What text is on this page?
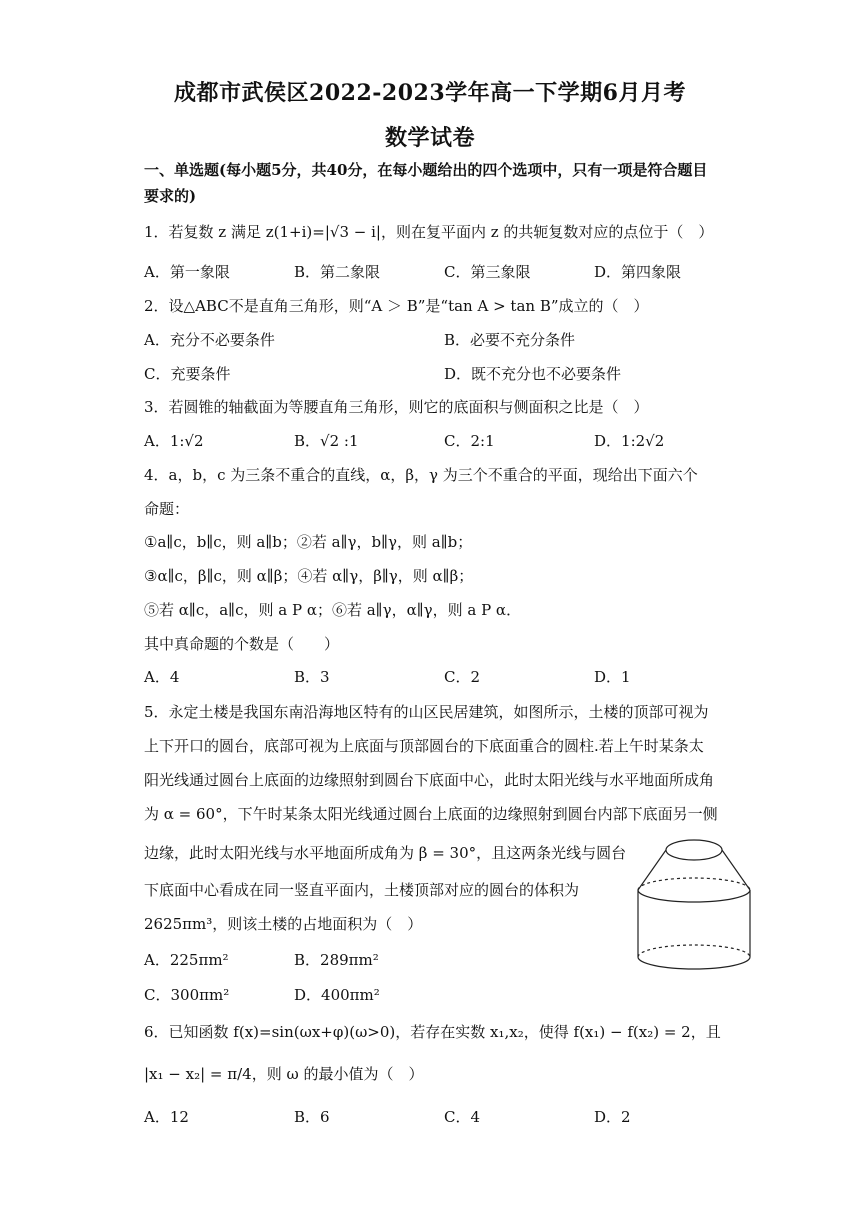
成都市武侯区2022-2023学年高一下学期6月月考
数学试卷
一、单选题(每小题5分，共40分，在每小题给出的四个选项中，只有一项是符合题目
要求的)
1．若复数 z 满足 z(1+i)=|√3 − i|，则在复平面内 z 的共轭复数对应的点位于（　）
A．第一象限	B．第二象限	C．第三象限	D．第四象限
2．设△ABC不是直角三角形，则“A ＞ B”是“tan A > tan B”成立的（　）
A．充分不必要条件	B．必要不充分条件
C．充要条件	D．既不充分也不必要条件
3．若圆锥的轴截面为等腰直角三角形，则它的底面积与侧面积之比是（　）
A．1:√2	B．√2 :1	C．2:1	D．1:2√2
4．a，b，c 为三条不重合的直线，α，β，γ 为三个不重合的平面，现给出下面六个
命题：
①a∥c，b∥c，则 a∥b；②若 a∥γ，b∥γ，则 a∥b；
③α∥c，β∥c，则 α∥β；④若 α∥γ，β∥γ，则 α∥β；
⑤若 α∥c，a∥c，则 a P α；⑥若 a∥γ，α∥γ，则 a P α．
其中真命题的个数是（　　）
A．4	B．3	C．2	D．1
5．永定土楼是我国东南沿海地区特有的山区民居建筑，如图所示，土楼的顶部可视为
上下开口的圆台，底部可视为上底面与顶部圆台的下底面重合的圆柱.若上午时某条太
阳光线通过圆台上底面的边缘照射到圆台下底面中心，此时太阳光线与水平地面所成角
为 α = 60°，下午时某条太阳光线通过圆台上底面的边缘照射到圆台内部下底面另一侧
边缘，此时太阳光线与水平地面所成角为 β = 30°，且这两条光线与圆台
下底面中心看成在同一竖直平面内，土楼顶部对应的圆台的体积为
2625πm³，则该土楼的占地面积为（　）
A．225πm²	B．289πm²
C．300πm²	D．400πm²
6．已知函数 f(x)=sin(ωx+φ)(ω>0)，若存在实数 x₁,x₂，使得 f(x₁) − f(x₂) = 2，且
|x₁ − x₂| = π/4，则 ω 的最小值为（　）
A．12	B．6	C．4	D．2
